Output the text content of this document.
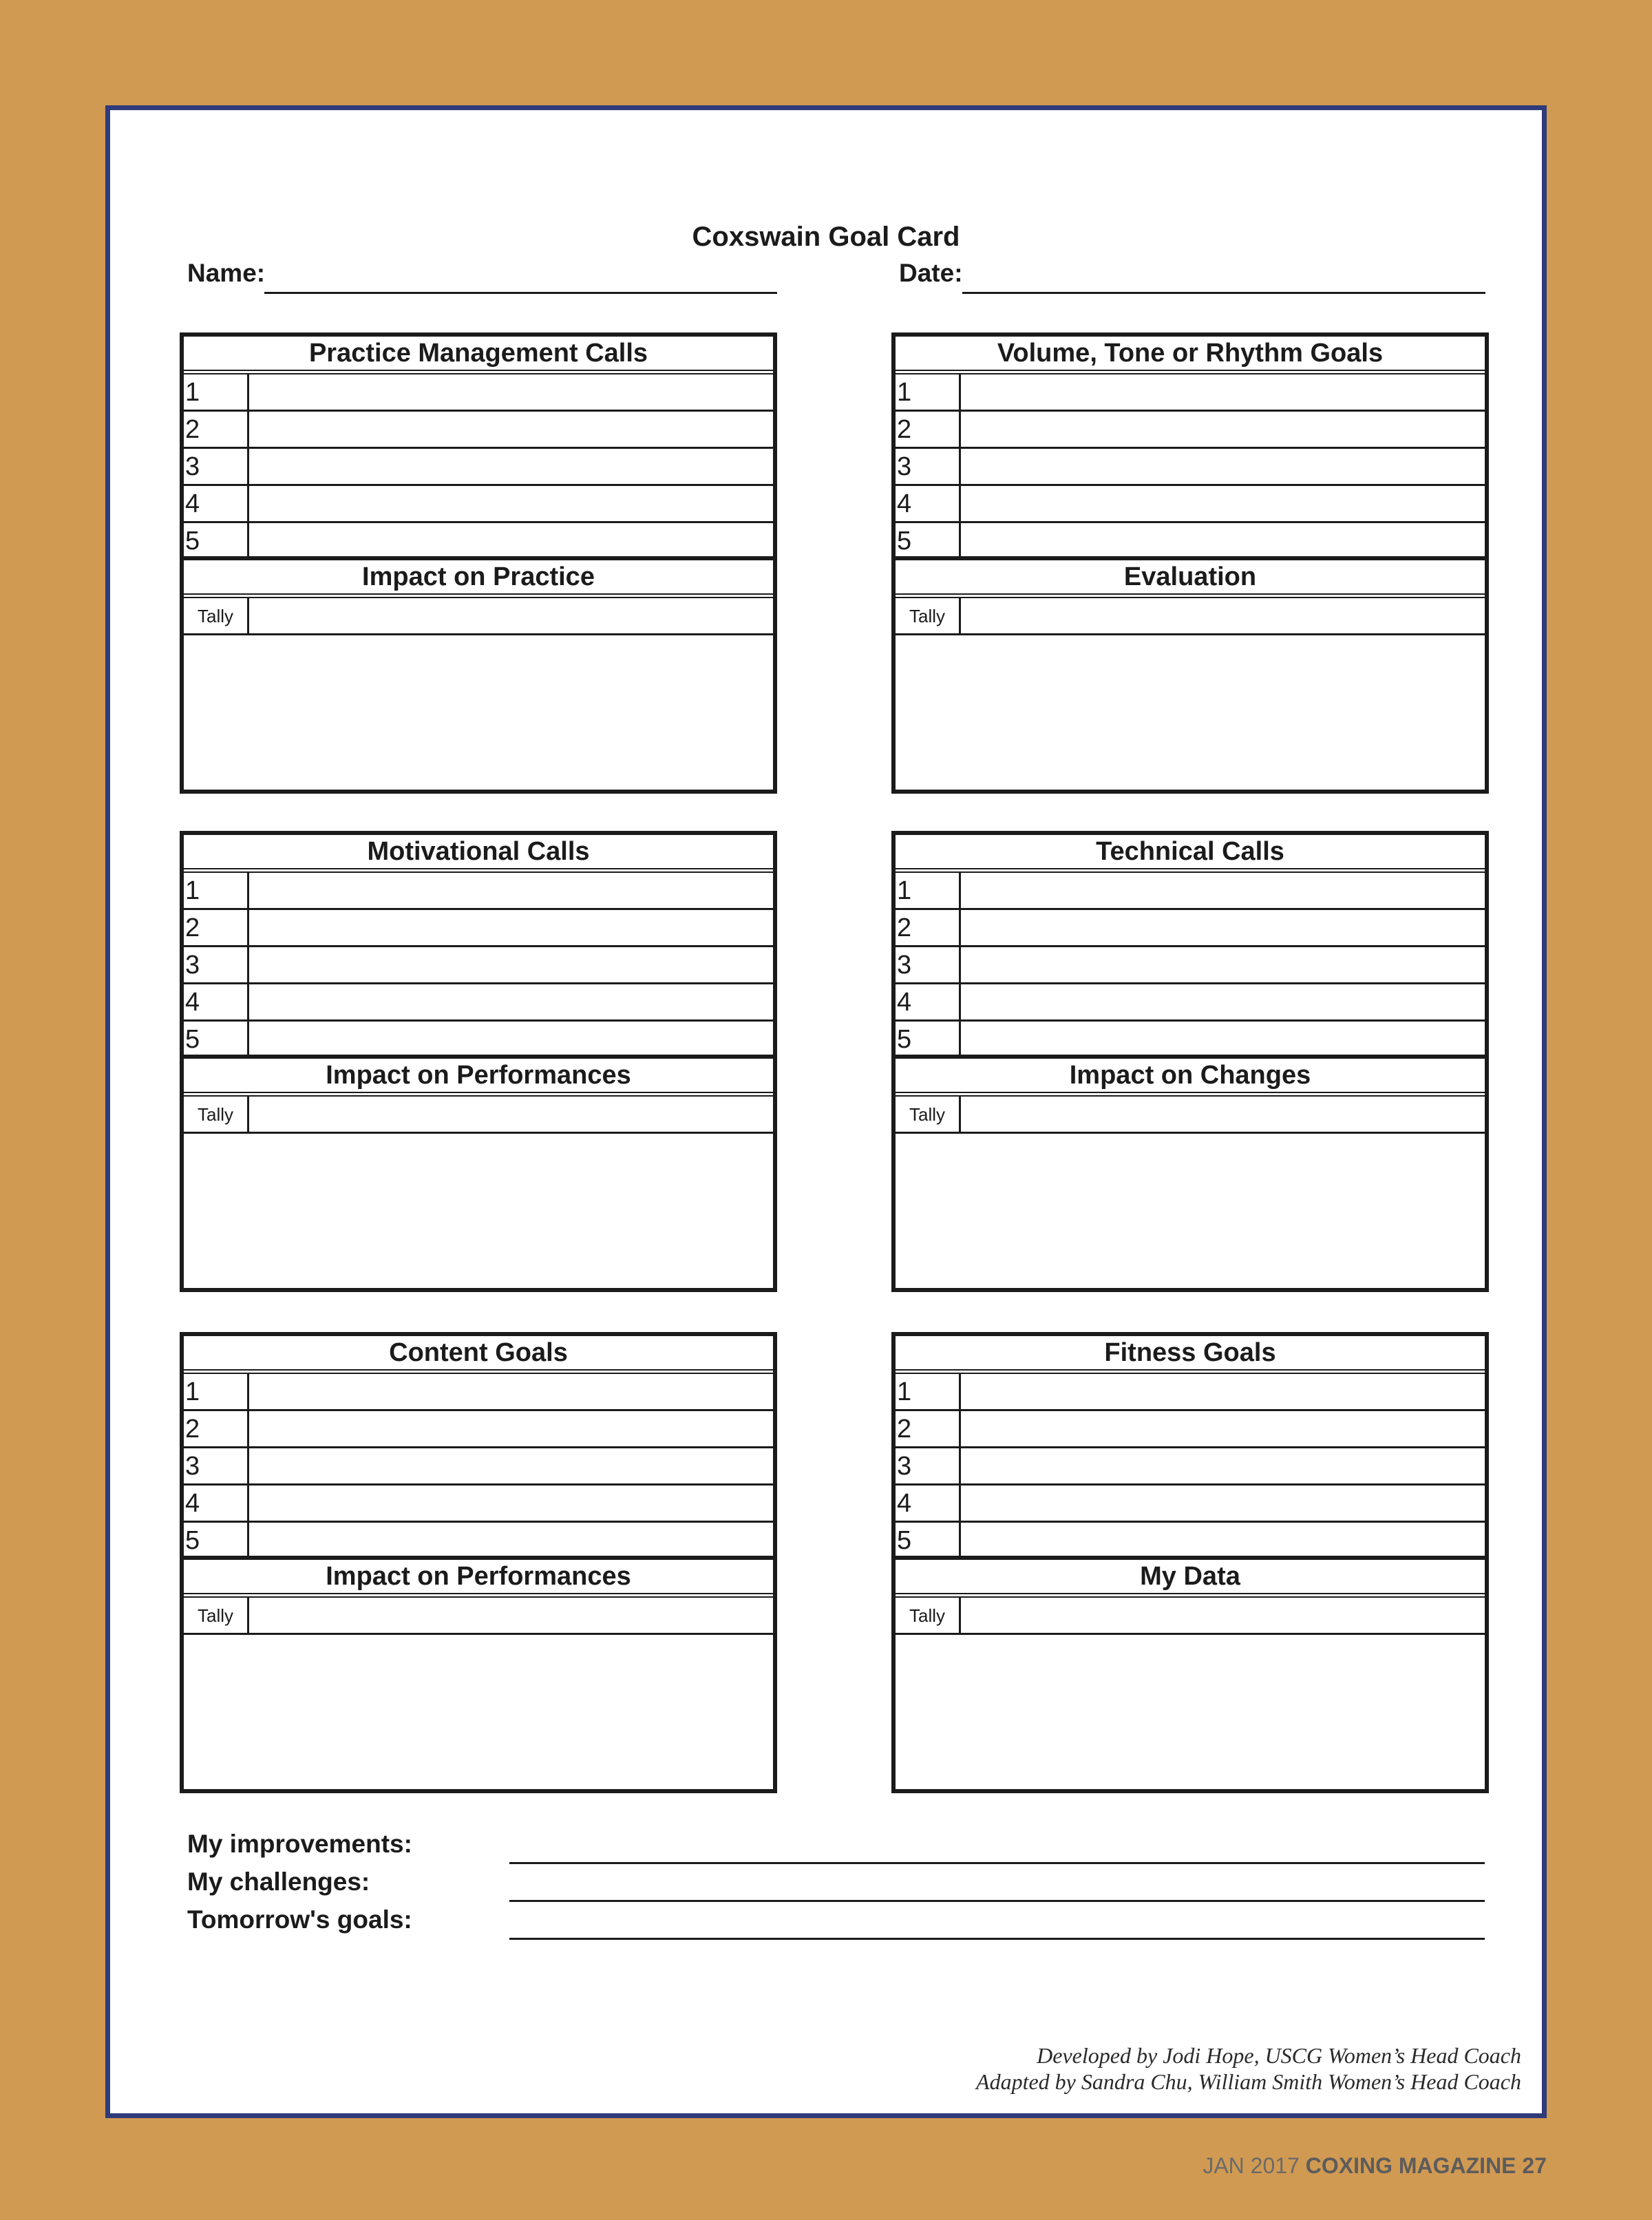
Coxswain Goal Card
Name:	Date:
Practice Management Calls
1
2
3
4
5
Impact on Practice
Tally
Volume, Tone or Rhythm Goals
1
2
3
4
5
Evaluation
Tally
Motivational Calls
1
2
3
4
5
Impact on Performances
Tally
Technical Calls
1
2
3
4
5
Impact on Changes
Tally
Content Goals
1
2
3
4
5
Impact on Performances
Tally
Fitness Goals
1
2
3
4
5
My Data
Tally
My improvements:
My challenges:
Tomorrow's goals:
Developed by Jodi Hope, USCG Women’s Head Coach
Adapted by Sandra Chu, William Smith Women’s Head Coach
JAN 2017 COXING MAGAZINE 27
